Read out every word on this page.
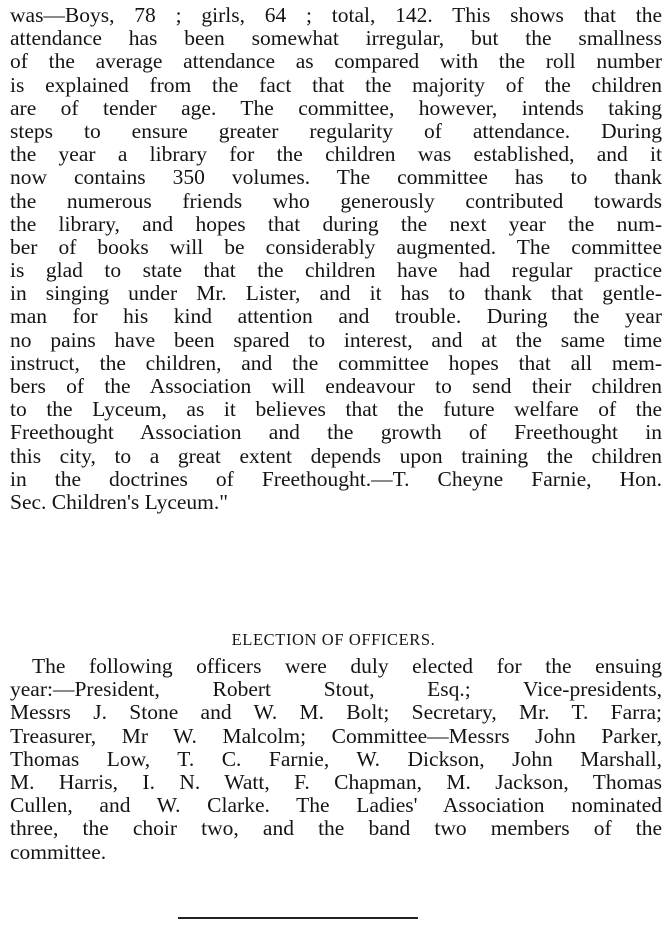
was—Boys, 78 ; girls, 64 ; total, 142. This shows that the
attendance has been somewhat irregular, but the smallness
of the average attendance as compared with the roll number
is explained from the fact that the majority of the children
are of tender age. The committee, however, intends taking
steps to ensure greater regularity of attendance. During
the year a library for the children was established, and it
now contains 350 volumes. The committee has to thank
the numerous friends who generously contributed towards
the library, and hopes that during the next year the num-
ber of books will be considerably augmented. The committee
is glad to state that the children have had regular practice
in singing under Mr. Lister, and it has to thank that gentle-
man for his kind attention and trouble. During the year
no pains have been spared to interest, and at the same time
instruct, the children, and the committee hopes that all mem-
bers of the Association will endeavour to send their children
to the Lyceum, as it believes that the future welfare of the
Freethought Association and the growth of Freethought in
this city, to a great extent depends upon training the children
in the doctrines of Freethought.—T. Cheyne Farnie, Hon.
Sec. Children's Lyceum."
ELECTION OF OFFICERS.
The following officers were duly elected for the ensuing
year:—President, Robert Stout, Esq.; Vice-presidents,
Messrs J. Stone and W. M. Bolt; Secretary, Mr. T. Farra;
Treasurer, Mr W. Malcolm; Committee—Messrs John Parker,
Thomas Low, T. C. Farnie, W. Dickson, John Marshall,
M. Harris, I. N. Watt, F. Chapman, M. Jackson, Thomas
Cullen, and W. Clarke. The Ladies' Association nominated
three, the choir two, and the band two members of the
committee.
